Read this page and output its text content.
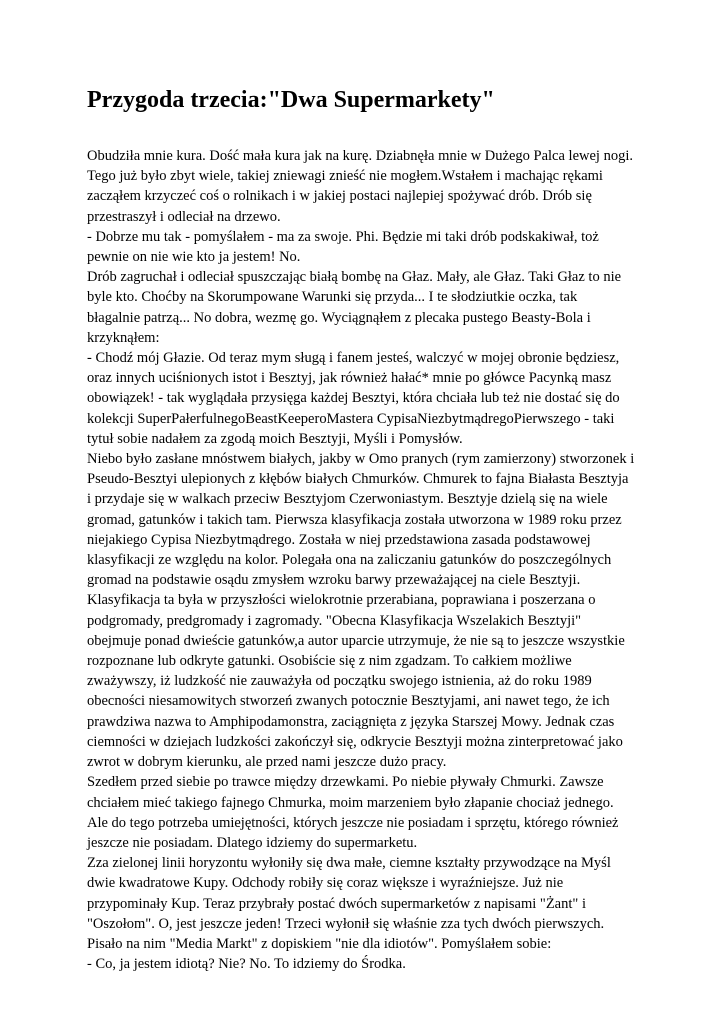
Przygoda trzecia:"Dwa Supermarkety"
Obudziła mnie kura. Dość mała kura jak na kurę. Dziabnęła mnie w Dużego Palca lewej nogi.
Tego już było zbyt wiele, takiej zniewagi znieść nie mogłem.Wstałem i machając rękami
zacząłem krzyczeć coś o rolnikach i w jakiej postaci najlepiej spożywać drób. Drób się
przestraszył i odleciał na drzewo.
- Dobrze mu tak - pomyślałem - ma za swoje. Phi. Będzie mi taki drób podskakiwał, toż
pewnie on nie wie kto ja jestem! No.
Drób zagruchał i odleciał spuszczając białą bombę na Głaz. Mały, ale Głaz. Taki Głaz to nie
byle kto. Choćby na Skorumpowane Warunki się przyda... I te słodziutkie oczka, tak
błagalnie patrzą... No dobra, wezmę go. Wyciągnąłem z plecaka pustego Beasty-Bola i
krzyknąłem:
- Chodź mój Głazie. Od teraz mym sługą i fanem jesteś, walczyć w mojej obronie będziesz,
oraz innych uciśnionych istot i Besztyj, jak również hałać* mnie po główce Pacynką masz
obowiązek! - tak wyglądała przysięga każdej Besztyi, która chciała lub też nie dostać się do
kolekcji SuperPałerfulnegoBeastKeeperoMastera CypisaNiezbytmądregoPierwszego - taki
tytuł sobie nadałem za zgodą moich Besztyji, Myśli i Pomysłów.
Niebo było zasłane mnóstwem białych, jakby w Omo pranych (rym zamierzony) stworzonek i
Pseudo-Besztyi ulepionych z kłębów białych Chmurków. Chmurek to fajna Białasta Besztyja
i przydaje się w walkach przeciw Besztyjom Czerwoniastym. Besztyje dzielą się na wiele
gromad, gatunków i takich tam. Pierwsza klasyfikacja została utworzona w 1989 roku przez
niejakiego Cypisa Niezbytmądrego. Została w niej przedstawiona zasada podstawowej
klasyfikacji ze względu na kolor. Polegała ona na zaliczaniu gatunków do poszczególnych
gromad na podstawie osądu zmysłem wzroku barwy przeważającej na ciele Besztyji.
Klasyfikacja ta była w przyszłości wielokrotnie przerabiana, poprawiana i poszerzana o
podgromady, predgromady i zagromady. "Obecna Klasyfikacja Wszelakich Besztyji"
obejmuje ponad dwieście gatunków,a autor uparcie utrzymuje, że nie są to jeszcze wszystkie
rozpoznane lub odkryte gatunki. Osobiście się z nim zgadzam. To całkiem możliwe
zważywszy, iż ludzkość nie zauważyła od początku swojego istnienia, aż do roku 1989
obecności niesamowitych stworzeń zwanych potocznie Besztyjami, ani nawet tego, że ich
prawdziwa nazwa to Amphipodamonstra, zaciągnięta z języka Starszej Mowy. Jednak czas
ciemności w dziejach ludzkości zakończył się, odkrycie Besztyji można zinterpretować jako
zwrot w dobrym kierunku, ale przed nami jeszcze dużo pracy.
Szedłem przed siebie po trawce między drzewkami. Po niebie pływały Chmurki. Zawsze
chciałem mieć takiego fajnego Chmurka, moim marzeniem było złapanie chociaż jednego.
Ale do tego potrzeba umiejętności, których jeszcze nie posiadam i sprzętu, którego również
jeszcze nie posiadam. Dlatego idziemy do supermarketu.
Zza zielonej linii horyzontu wyłoniły się dwa małe, ciemne kształty przywodzące na Myśl
dwie kwadratowe Kupy. Odchody robiły się coraz większe i wyraźniejsze. Już nie
przypominały Kup. Teraz przybrały postać dwóch supermarketów z napisami "Żant" i
"Oszołom". O, jest jeszcze jeden! Trzeci wyłonił się właśnie zza tych dwóch pierwszych.
Pisało na nim "Media Markt" z dopiskiem "nie dla idiotów". Pomyślałem sobie:
- Co, ja jestem idiotą? Nie? No. To idziemy do Środka.
